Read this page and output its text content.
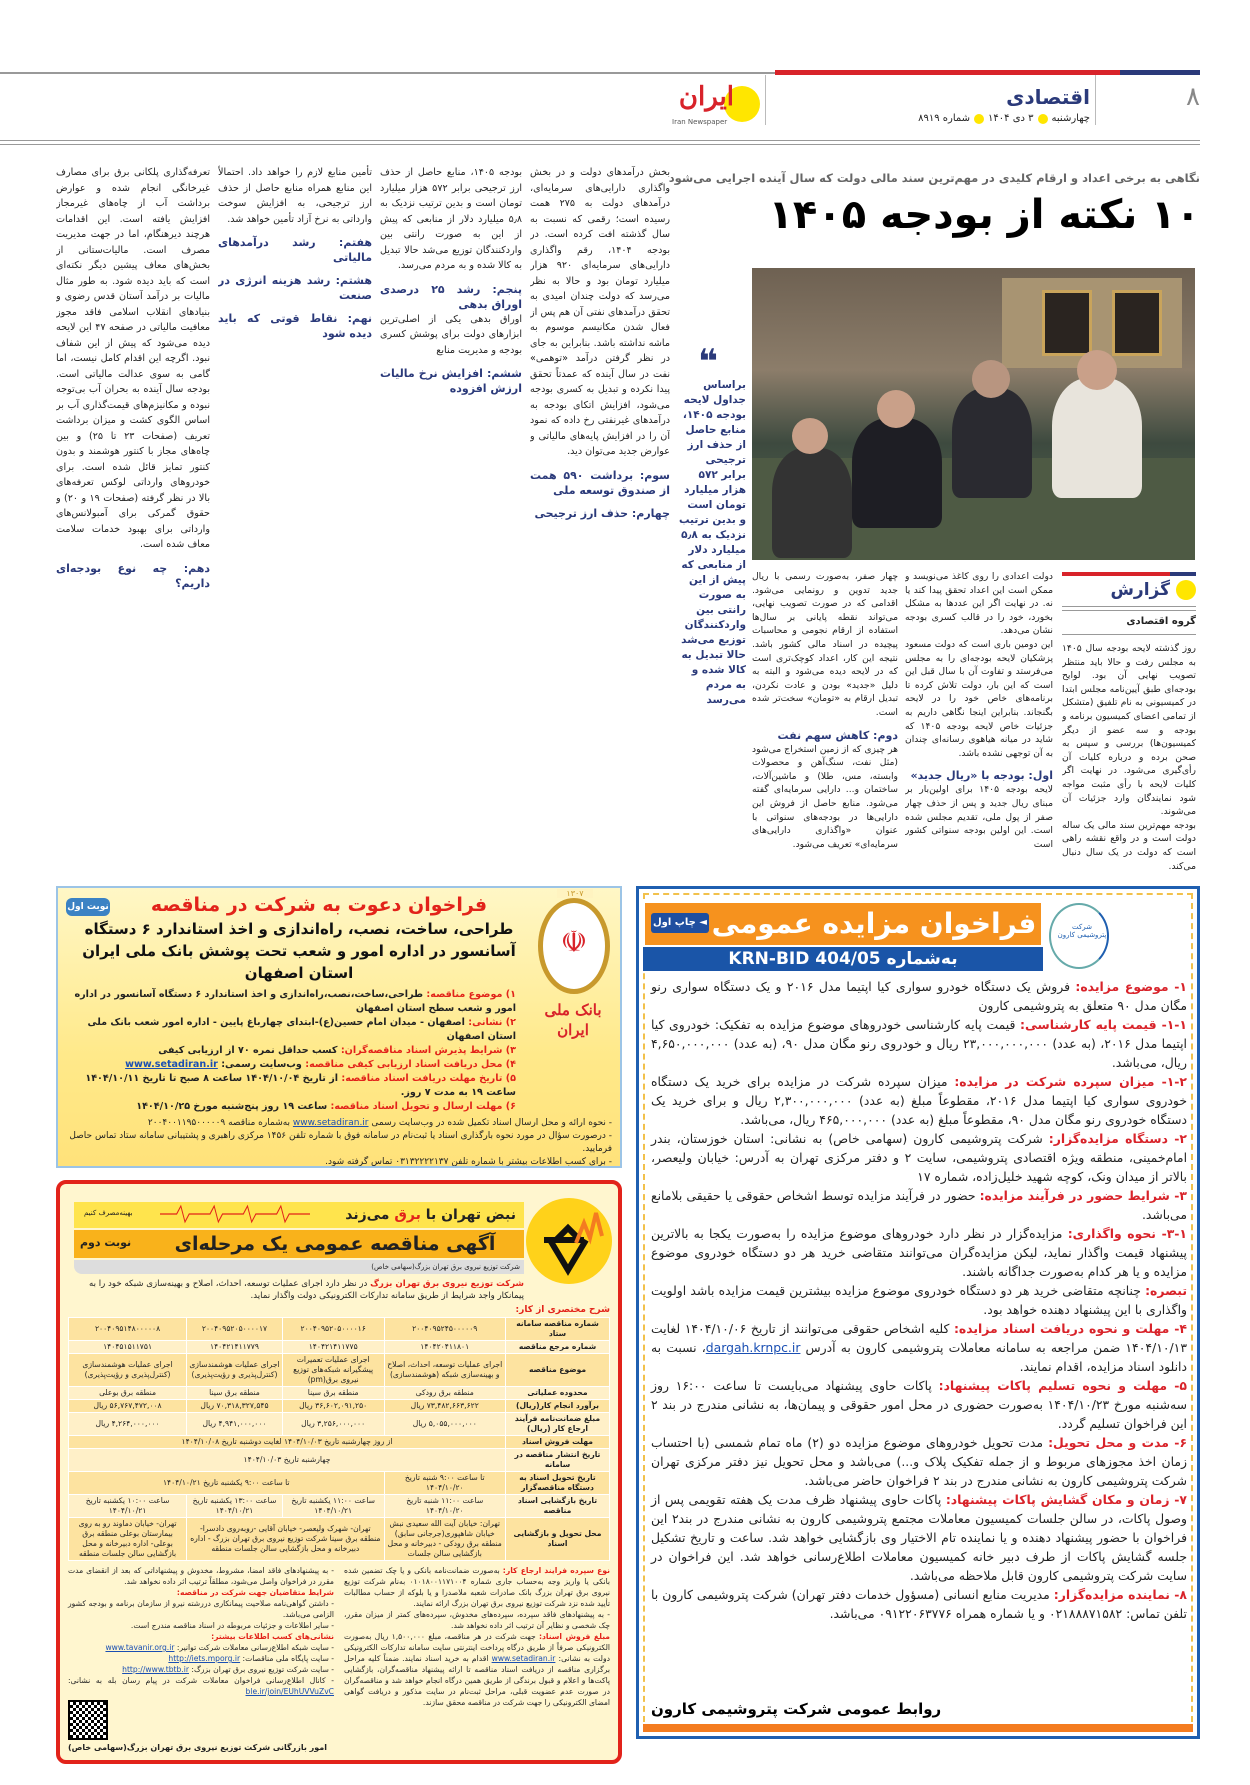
۸
اقتصادی
چهارشنبه
۳ دی ۱۴۰۴
شماره ۸۹۱۹
ایران
Iran Newspaper
نگاهی به برخی اعداد و ارقام کلیدی در مهم‌ترین سند مالی دولت که سال آینده اجرایی می‌شود
۱۰ نکته از بودجه ۱۴۰۵
❝
براساس جداول لایحه بودجه ۱۴۰۵، منابع حاصل از حذف ارز ترجیحی برابر ۵۷۲ هزار میلیارد تومان است و بدین ترتیب نزدیک به ۵٫۸ میلیارد دلار از منابعی که پیش از این به صورت رانتی بین واردکنندگان توزیع می‌شد حالا تبدیل به کالا شده و به مردم می‌رسد
گزارش
گروه اقتصادی

روز گذشته لایحه بودجه سال ۱۴۰۵ به مجلس رفت و حالا باید منتظر تصویب نهایی آن بود. لوایح بودجه‌ای طبق آیین‌نامه مجلس ابتدا در کمیسیونی به نام تلفیق (متشکل از تمامی اعضای کمیسیون برنامه و بودجه و سه عضو از دیگر کمیسیون‌ها) بررسی و سپس به صحن برده و درباره کلیات آن رأی‌گیری می‌شود. در نهایت اگر کلیات لایحه با رأی مثبت مواجه شود نمایندگان وارد جزئیات آن می‌شوند.

بودجه مهم‌ترین سند مالی یک ساله دولت است و در واقع نقشه راهی است که دولت در یک سال دنبال می‌کند.

دولت اعدادی را روی کاغذ می‌نویسد و ممکن است این اعداد تحقق پیدا کند یا نه. در نهایت اگر این عددها به مشکل بخورد، خود را در قالب کسری بودجه نشان می‌دهد.

این دومین باری است که دولت مسعود پزشکیان لایحه بودجه‌ای را به مجلس می‌فرستد و تفاوت آن با سال قبل این است که این بار، دولت تلاش کرده تا برنامه‌های خاص خود را در لایحه بگنجاند. بنابراین اینجا نگاهی داریم به جزئیات خاص لایحه بودجه ۱۴۰۵ که شاید در میانه هیاهوی رسانه‌ای چندان به آن توجهی نشده باشد.

اول: بودجه با «ریال جدید»

لایحه بودجه ۱۴۰۵ برای اولین‌بار بر مبنای ریال جدید و پس از حذف چهار صفر از پول ملی، تقدیم مجلس شده است. این اولین بودجه سنواتی کشور است

چهار صفر، به‌صورت رسمی با ریال جدید تدوین و رونمایی می‌شود. اقدامی که در صورت تصویب نهایی، می‌تواند نقطه پایانی بر سال‌ها استفاده از ارقام نجومی و محاسبات پیچیده در اسناد مالی کشور باشد. نتیجه این کار، اعداد کوچک‌تری است که در لایحه دیده می‌شود و البته به دلیل «جدید» بودن و عادت نکردن، تبدیل ارقام به «تومان» سخت‌تر شده است.

دوم: کاهش سهم نفت

هر چیزی که از زمین استخراج می‌شود (مثل نفت، سنگ‌آهن و محصولات وابسته، مس، طلا) و ماشین‌آلات، ساختمان و... دارایی سرمایه‌ای گفته می‌شود. منابع حاصل از فروش این دارایی‌ها در بودجه‌های سنواتی با عنوان «واگذاری دارایی‌های سرمایه‌ای» تعریف می‌شود.

بخش درآمدهای دولت و در بخش واگذاری دارایی‌های سرمایه‌ای، درآمدهای دولت به ۲۷۵ همت رسیده است؛ رقمی که نسبت به سال گذشته افت کرده است. در بودجه ۱۴۰۴، رقم واگذاری دارایی‌های سرمایه‌ای ۹۲۰ هزار میلیارد تومان بود و حالا به نظر می‌رسد که دولت چندان امیدی به تحقق درآمدهای نفتی آن هم پس از فعال شدن مکانیسم موسوم به ماشه نداشته باشد. بنابراین به جای در نظر گرفتن درآمد «توهمی» نفت در سال آینده که عمدتاً تحقق پیدا نکرده و تبدیل به کسری بودجه می‌شود، افزایش اتکای بودجه به درآمدهای غیرنفتی رخ داده که نمود آن را در افزایش پایه‌های مالیاتی و عوارض جدید می‌توان دید.

سوم: برداشت ۵۹۰ همت از صندوق توسعه ملی
چهارم: حذف ارز ترجیحی

بودجه ۱۴۰۵، منابع حاصل از حذف ارز ترجیحی برابر ۵۷۲ هزار میلیارد تومان است و بدین ترتیب نزدیک به ۵٫۸ میلیارد دلار از منابعی که پیش از این به صورت رانتی بین واردکنندگان توزیع می‌شد حالا تبدیل به کالا شده و به مردم می‌رسد.

پنجم: رشد ۲۵ درصدی اوراق بدهی

اوراق بدهی یکی از اصلی‌ترین ابزارهای دولت برای پوشش کسری بودجه و مدیریت منابع

ششم: افزایش نرخ مالیات ارزش افزوده

تأمین منابع لازم را خواهد داد. احتمالاً این منابع همراه منابع حاصل از حذف ارز ترجیحی، به افزایش سوخت وارداتی به نرخ آزاد تأمین خواهد شد.

هفتم: رشد درآمدهای مالیاتی
هشتم: رشد هزینه انرژی در صنعت
نهم: نقاط قوتی که باید دیده شود

تعرفه‌گذاری پلکانی برق برای مصارف غیرخانگی انجام شده و عوارض برداشت آب از چاه‌های غیرمجاز افزایش یافته است. این اقدامات هرچند دیرهنگام، اما در جهت مدیریت مصرف است. مالیات‌ستانی از بخش‌های معاف پیشین دیگر نکته‌ای است که باید دیده شود. به طور مثال مالیات بر درآمد آستان قدس رضوی و بنیادهای انقلاب اسلامی فاقد مجوز معافیت مالیاتی در صفحه ۴۷ این لایحه دیده می‌شود که پیش از این شفاف نبود. اگرچه این اقدام کامل نیست، اما گامی به سوی عدالت مالیاتی است. بودجه سال آینده به بحران آب بی‌توجه نبوده و مکانیزم‌های قیمت‌گذاری آب بر اساس الگوی کشت و میزان برداشت تعریف (صفحات ۲۳ تا ۲۵) و بین چاه‌های مجاز با کنتور هوشمند و بدون کنتور تمایز قائل شده است. برای خودروهای وارداتی لوکس تعرفه‌های بالا در نظر گرفته (صفحات ۱۹ و ۲۰) و حقوق گمرکی برای آمبولانس‌های وارداتی برای بهبود خدمات سلامت معاف شده است.

دهم: چه نوع بودجه‌ای داریم؟
فراخوان مزایده عمومی
◄ چاپ اول
به‌شماره KRN-BID 404/05
شرکت پتروشیمی کارون

۱- موضوع مزایده: فروش یک دستگاه خودرو سواری کیا اپتیما مدل ۲۰۱۶ و یک دستگاه سواری رنو مگان مدل ۹۰ متعلق به پتروشیمی کارون

۱-۱- قیمت پایه کارشناسی: قیمت پایه کارشناسی خودروهای موضوع مزایده به تفکیک: خودروی کیا اپتیما مدل ۲۰۱۶، (به عدد) ۲۳,۰۰۰,۰۰۰,۰۰۰ ریال و خودروی رنو مگان مدل ۹۰، (به عدد) ۴,۶۵۰,۰۰۰,۰۰۰ ریال، می‌باشد.

۱-۲- میزان سپرده شرکت در مزایده: میزان سپرده شرکت در مزایده برای خرید یک دستگاه خودروی سواری کیا اپتیما مدل ۲۰۱۶، مقطوعاً مبلغ (به عدد) ۲,۳۰۰,۰۰۰,۰۰۰ ریال و برای خرید یک دستگاه خودروی رنو مگان مدل ۹۰، مقطوعاً مبلغ (به عدد) ۴۶۵,۰۰۰,۰۰۰ ریال، می‌باشد.

۲- دستگاه مزایده‌گزار: شرکت پتروشیمی کارون (سهامی خاص) به نشانی: استان خوزستان، بندر امام‌خمینی، منطقه ویژه اقتصادی پتروشیمی، سایت ۲ و دفتر مرکزی تهران به آدرس: خیابان ولیعصر، بالاتر از میدان ونک، کوچه شهید خلیل‌زاده، شماره ۱۷

۳- شرایط حضور در فرآیند مزایده: حضور در فرآیند مزایده توسط اشخاص حقوقی یا حقیقی بلامانع می‌باشد.

۳-۱- نحوه واگذاری: مزایده‌گزار در نظر دارد خودروهای موضوع مزایده را به‌صورت یکجا به بالاترین پیشنهاد قیمت واگذار نماید، لیکن مزایده‌گران می‌توانند متقاضی خرید هر دو دستگاه خودروی موضوع مزایده و یا هر کدام به‌صورت جداگانه باشند.

تبصره: چنانچه متقاضی خرید هر دو دستگاه خودروی موضوع مزایده بیشترین قیمت مزایده باشد اولویت واگذاری با این پیشنهاد دهنده خواهد بود.

۴- مهلت و نحوه دریافت اسناد مزایده: کلیه اشخاص حقوقی می‌توانند از تاریخ ۱۴۰۴/۱۰/۰۶ لغایت ۱۴۰۴/۱۰/۱۳ ضمن مراجعه به سامانه معاملات پتروشیمی کارون به آدرس dargah.krnpc.ir، نسبت به دانلود اسناد مزایده، اقدام نمایند.

۵- مهلت و نحوه تسلیم پاکات پیشنهاد: پاکات حاوی پیشنهاد می‌بایست تا ساعت ۱۶:۰۰ روز سه‌شنبه مورخ ۱۴۰۴/۱۰/۲۳ به‌صورت حضوری در محل امور حقوقی و پیمان‌ها، به نشانی مندرج در بند ۲ این فراخوان تسلیم گردد.

۶- مدت و محل تحویل: مدت تحویل خودروهای موضوع مزایده دو (۲) ماه تمام شمسی (با احتساب زمان اخذ مجوزهای مربوط و از جمله تفکیک پلاک و...) می‌باشد و محل تحویل نیز دفتر مرکزی تهران شرکت پتروشیمی کارون به نشانی مندرج در بند ۲ فراخوان حاضر می‌باشد.

۷- زمان و مکان گشایش پاکات پیشنهاد: پاکات حاوی پیشنهاد ظرف مدت یک هفته تقویمی پس از وصول پاکات، در سالن جلسات کمیسیون معاملات مجتمع پتروشیمی کارون به نشانی مندرج در بند۲ این فراخوان با حضور پیشنهاد دهنده و یا نماینده تام الاختیار وی بازگشایی خواهد شد. ساعت و تاریخ تشکیل جلسه گشایش پاکات از طرف دبیر خانه کمیسیون معاملات اطلاع‌رسانی خواهد شد. این فراخوان در سایت شرکت پتروشیمی کارون قابل ملاحظه می‌باشد.

۸- نماینده مزایده‌گزار: مدیریت منابع انسانی (مسؤول خدمات دفتر تهران) شرکت پتروشیمی کارون با تلفن تماس: ۰۲۱۸۸۸۷۱۵۸۲ و یا شماره همراه ۰۹۱۲۲۰۶۳۷۷۶ می‌باشد.

روابط عمومی شرکت پتروشیمی کارون
۱۳۰۷
☫
بانک ملی ایران
نوبت اول	فراخوان دعوت به شرکت در مناقصه
طراحی، ساخت، نصب، راه‌اندازی و اخذ استاندارد ۶ دستگاه آسانسور در اداره امور و شعب تحت پوشش بانک ملی ایران استان اصفهان

۱) موضوع مناقصه: طراحی،ساخت،نصب،راه‌اندازی و اخذ استاندارد ۶ دستگاه آسانسور در اداره امور و شعب سطح استان اصفهان

۲) نشانی: اصفهان - میدان امام حسین(ع)-ابتدای چهارباغ پایین - اداره امور شعب بانک ملی استان اصفهان

۳) شرایط پذیرش اسناد مناقصه‌گران: کسب حداقل نمره ۷۰ از ارزیابی کیفی

۴) محل دریافت اسناد ارزیابی کیفی مناقصه: وب‌سایت رسمی: www.setadiran.ir

۵) تاریخ مهلت دریافت اسناد مناقصه: از تاریخ ۱۴۰۴/۱۰/۰۴ ساعت ۸ صبح تا تاریخ ۱۴۰۴/۱۰/۱۱ ساعت ۱۹ به مدت ۷ روز.

۶) مهلت ارسال و تحویل اسناد مناقصه: ساعت ۱۹ روز پنج‌شنبه مورخ ۱۴۰۴/۱۰/۲۵

- نحوه ارائه و محل ارسال اسناد تکمیل شده در وب‌سایت رسمی www.setadiran.ir به‌شماره مناقصه ۲۰۰۴۰۰۱۱۹۵۰۰۰۰۰۹

- درصورت سؤال در مورد نحوه بارگذاری اسناد یا ثبت‌نام در سامانه فوق با شماره تلفن ۱۴۵۶ مرکزی راهبری و پشتیبانی سامانه ستاد تماس حاصل فرمایید.

- برای کسب اطلاعات بیشتر با شماره تلفن ۰۳۱۳۲۲۲۲۱۳۷ تماس گرفته شود.

نبض تهران با برق می‌زند
بهینه‌مصرف کنیم
آگهی مناقصه عمومی یک مرحله‌ای
نوبت دوم
شرکت توزیع نیروی برق تهران بزرگ(سهامی خاص)
شرکت توزیع نیروی برق تهران بزرگ در نظر دارد اجرای عملیات توسعه، احداث، اصلاح و بهینه‌سازی شبکه خود را به پیمانکار واجد شرایط از طریق سامانه تدارکات الکترونیکی دولت واگذار نماید.
شرح مختصری از کار:
شماره مناقصه سامانه ستاد	۲۰۰۴۰۹۵۲۴۵۰۰۰۰۰۹	۲۰۰۴۰۹۵۲۰۵۰۰۰۰۱۶	۲۰۰۴۰۹۵۲۰۵۰۰۰۰۱۷	۲۰۰۴۰۹۵۱۴۸۰۰۰۰۰۸
شماره مرجع مناقصه	۱۴۰۴۲۰۴۱۱۸۰۱	۱۴۰۴۲۱۴۱۱۷۷۵	۱۴۰۴۲۱۴۱۱۷۷۹	۱۴۰۴۵۱۵۱۱۷۵۱
موضوع مناقصه	اجرای عملیات توسعه، احداث، اصلاح و بهینه‌سازی شبکه (هوشمندسازی)	اجرای عملیات تعمیرات پیشگیرانه شبکه‌های توزیع نیروی برق(pm)	اجرای عملیات هوشمندسازی (کنترل‌پذیری و رؤیت‌پذیری)	اجرای عملیات هوشمندسازی (کنترل‌پذیری و رؤیت‌پذیری)
محدوده عملیاتی	منطقه برق رودکی	منطقه برق سینا	منطقه برق سینا	منطقه برق بوعلی
برآورد انجام کار(ریال)	۷۳,۴۸۲,۶۶۳,۶۲۲ ریال	۳۶,۶۰۲,۰۹۱,۲۵۰ ریال	۷۰,۳۱۸,۳۲۷,۵۴۵ ریال	۵۶,۷۶۷,۴۷۲,۰۰۸ ریال
مبلغ ضمانت‌نامه فرآیند ارجاع کار (ریال)	۵,۰۵۵,۰۰۰,۰۰۰ ریال	۳,۲۵۶,۰۰۰,۰۰۰ ریال	۴,۹۴۱,۰۰۰,۰۰۰ ریال	۴,۲۶۴,۰۰۰,۰۰۰ ریال
مهلت فروش اسناد	از روز چهارشنبه تاریخ ۱۴۰۴/۱۰/۰۳ لغایت دوشنبه تاریخ ۱۴۰۴/۱۰/۰۸			
تاریخ انتشار مناقصه در سامانه	چهارشنبه تاریخ ۱۴۰۴/۱۰/۰۳			
تاریخ تحویل اسناد به دستگاه مناقصه‌گزار	تا ساعت ۹:۰۰ شنبه تاریخ ۱۴۰۴/۱۰/۲۰	تا ساعت ۹:۰۰ یکشنبه تاریخ ۱۴۰۴/۱۰/۲۱		
تاریخ بازگشایی اسناد مناقصه	ساعت ۱۱:۰۰ شنبه تاریخ ۱۴۰۴/۱۰/۲۰	ساعت ۱۱:۰۰ یکشنبه تاریخ ۱۴۰۴/۱۰/۲۱	ساعت ۱۳:۰۰ یکشنبه تاریخ ۱۴۰۴/۱۰/۲۱	ساعت ۱۰:۰۰ یکشنبه تاریخ ۱۴۰۴/۱۰/۲۱
محل تحویل و بازگشایی اسناد	تهران: خیابان آیت الله سعیدی نبش خیابان شاهپوری(جرجانی سابق) منطقه برق رودکی - دبیرخانه و محل بازگشایی سالن جلسات	تهران- شهرک ولیعصر- خیابان آقایی -روبه‌روی دادسرا- منطقه برق سینا شرکت توزیع نیروی برق تهران بزرگ - اداره دبیرخانه و محل بازگشایی سالن جلسات منطقه		تهران- خیابان دماوند رو به روی بیمارستان بوعلی منطقه برق بوعلی- اداره دبیرخانه و محل بازگشایی سالن جلسات منطقه

نوع سپرده فرایند ارجاع کار: به‌صورت ضمانت‌نامه بانکی و یا چک تضمین شده بانکی یا واریز وجه به‌حساب جاری شماره ۰۱۰۱۸۰۰۱۱۷۱۰۰۴ به‌نام شرکت توزیع نیروی برق تهران بزرگ بانک صادرات شعبه ملاصدرا و یا بلوکه از حساب مطالبات تأیید شده نزد شرکت توزیع نیروی برق تهران بزرگ ارائه نمایند.

- به پیشنهادهای فاقد سپرده، سپرده‌های مخدوش، سپرده‌های کمتر از میزان مقرر، چک شخصی و نظایر آن ترتیب اثر داده نخواهد شد.

مبلغ فروش اسناد: جهت شرکت در هر مناقصه، مبلغ ۱,۵۰۰,۰۰۰ ریال به‌صورت الکترونیکی صرفاً از طریق درگاه پرداخت اینترنتی سایت سامانه تدارکات الکترونیکی دولت به نشانی: www.setadiran.ir اقدام به خرید اسناد نمایند. ضمناً کلیه مراحل برگزاری مناقصه از دریافت اسناد مناقصه تا ارائه پیشنهاد مناقصه‌گران، بازگشایی پاکت‌ها و اعلام و قبول برندگی از طریق همین درگاه انجام خواهد شد و مناقصه‌گران در صورت عدم عضویت قبلی، مراحل ثبت‌نام در سایت مذکور و دریافت گواهی امضای الکترونیکی را جهت شرکت در مناقصه محقق سازند.

- به پیشنهادهای فاقد امضا، مشروط، مخدوش و پیشنهاداتی که بعد از انقضای مدت مقرر در فراخوان واصل می‌شود، مطلقاً ترتیب اثر داده نخواهد شد.

شرایط متقاضیان جهت شرکت در مناقصه:

- داشتن گواهی‌نامه صلاحیت پیمانکاری دررشته نیرو از سازمان برنامه و بودجه کشور الزامی می‌باشد.

- سایر اطلاعات و جزئیات مربوطه در اسناد مناقصه مندرج است.

نشانی‌های کسب اطلاعات بیشتر:

- سایت شبکه اطلاع‌رسانی معاملات شرکت توانیر: www.tavanir.org.ir

- سایت پایگاه ملی مناقصات: http://iets.mporg.ir

- سایت شرکت توزیع نیروی برق تهران بزرگ: http://www.tbtb.ir

- کانال اطلاع‌رسانی فراخوان معاملات شرکت در پیام رسان بله به نشانی: ble.ir/join/EUhUVVuZvC

امور بازرگانی شرکت توزیع نیروی برق تهران بزرگ(سهامی خاص)
